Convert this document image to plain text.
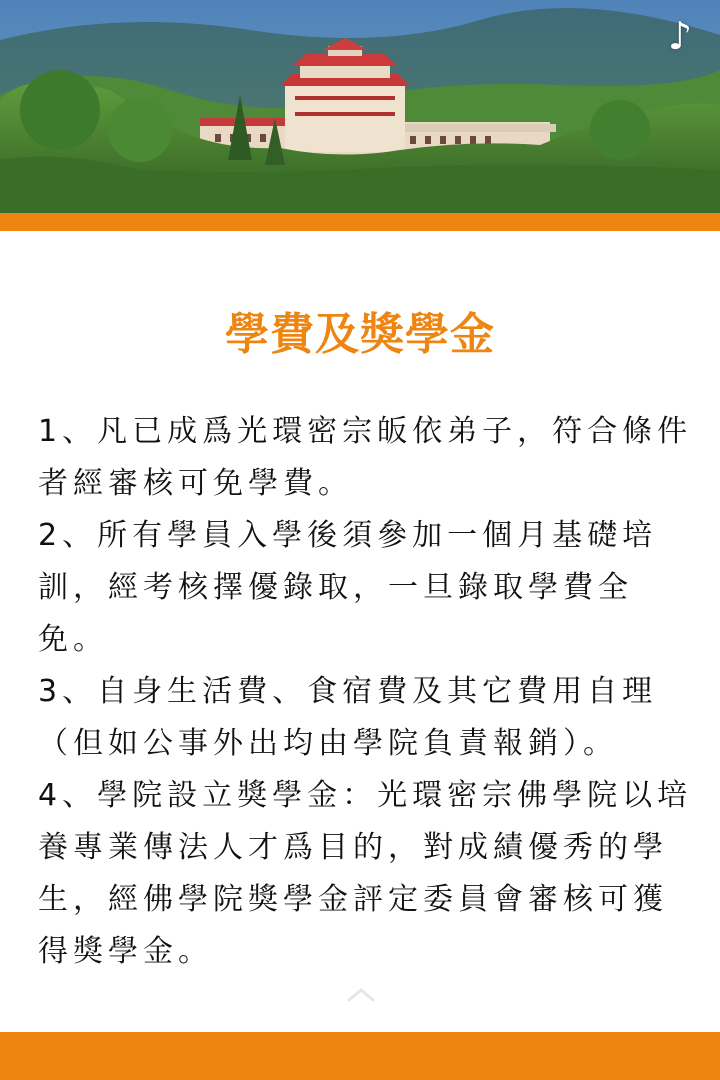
♪
學費及獎學金

1、凡已成爲光環密宗皈依弟子，符合條件者經審核可免學費。

2、所有學員入學後須參加一個月基礎培訓，經考核擇優錄取，一旦錄取學費全免。

3、自身生活費、食宿費及其它費用自理（但如公事外出均由學院負責報銷）。

4、學院設立獎學金：光環密宗佛學院以培養專業傳法人才爲目的，對成績優秀的學生，經佛學院獎學金評定委員會審核可獲得獎學金。
